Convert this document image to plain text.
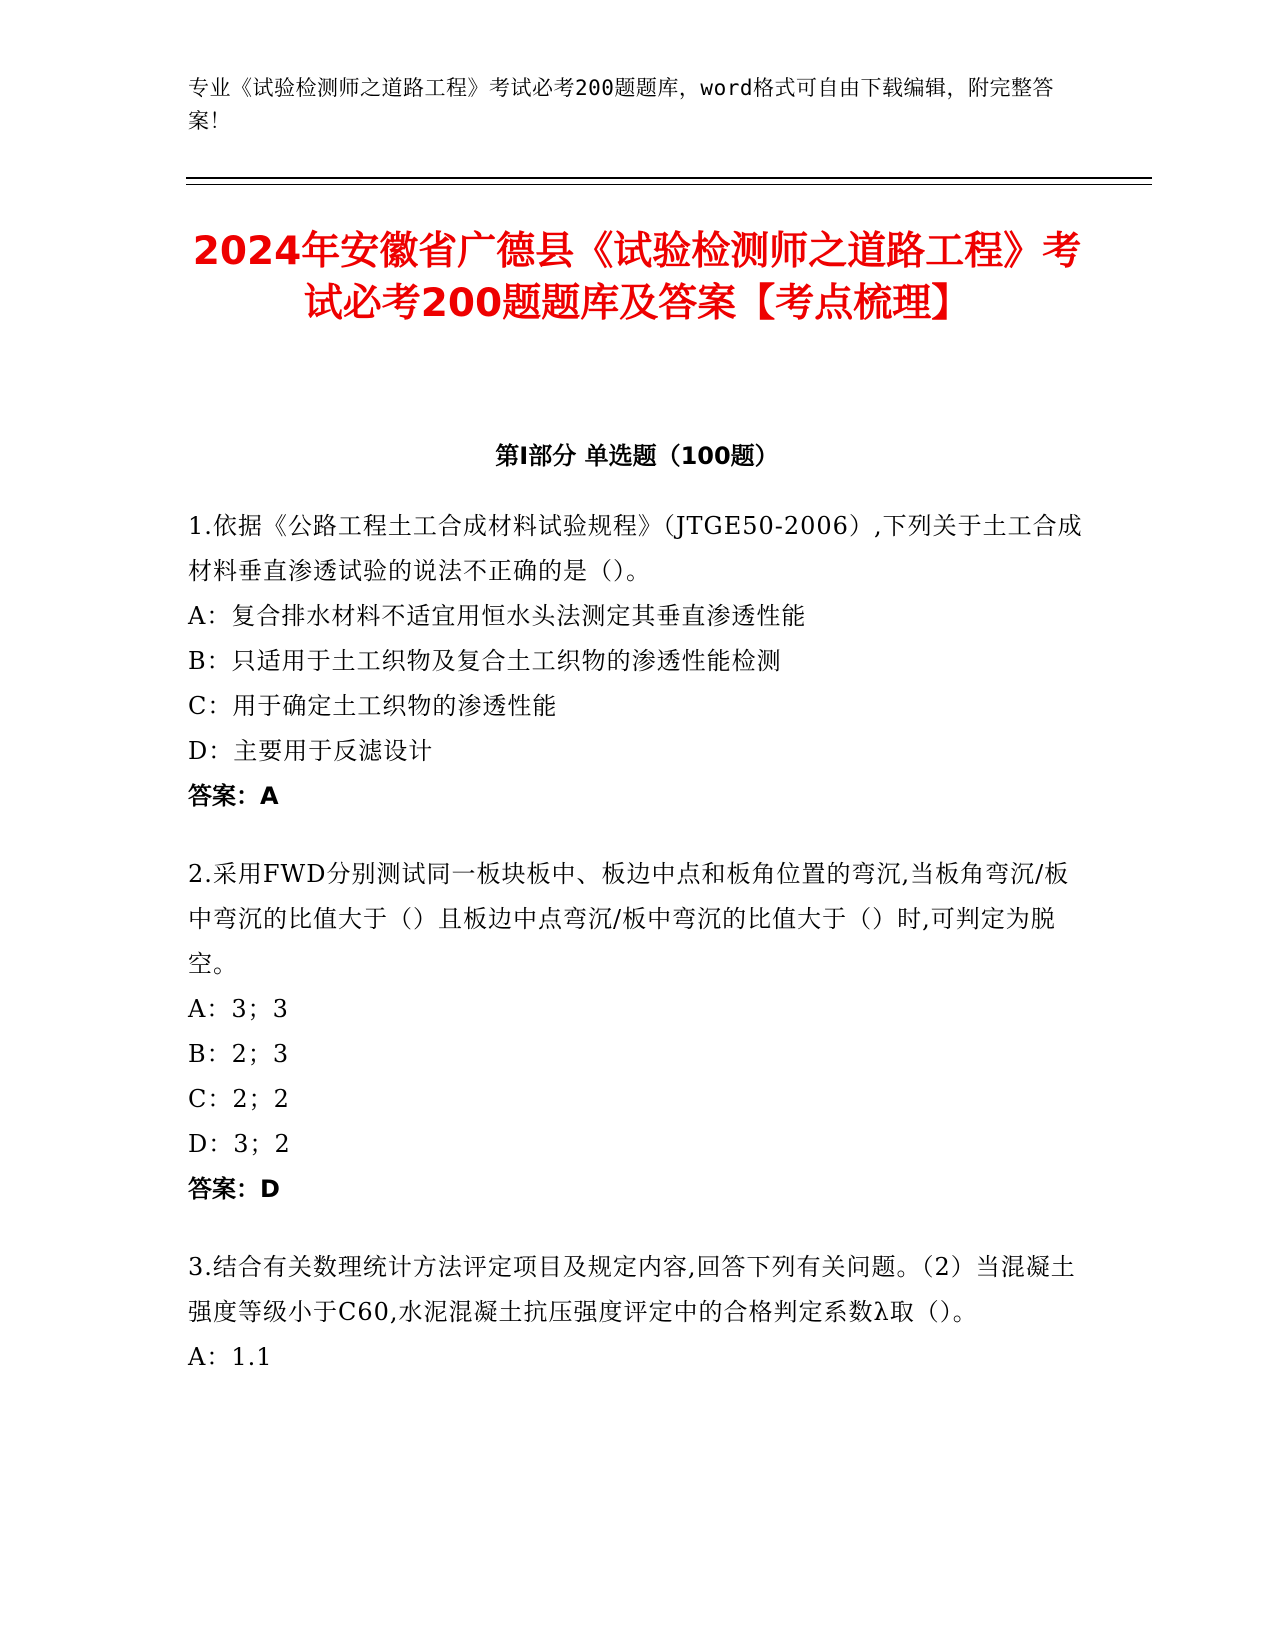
专业《试验检测师之道路工程》考试必考200题题库，word格式可自由下载编辑，附完整答案！
2024年安徽省广德县《试验检测师之道路工程》考试必考200题题库及答案【考点梳理】
第Ⅰ部分 单选题（100题）
1.依据《公路工程土工合成材料试验规程》（JTGE50-2006）,下列关于土工合成材料垂直渗透试验的说法不正确的是（）。
A：复合排水材料不适宜用恒水头法测定其垂直渗透性能
B：只适用于土工织物及复合土工织物的渗透性能检测
C：用于确定土工织物的渗透性能
D：主要用于反滤设计
答案：A
2.采用FWD分别测试同一板块板中、板边中点和板角位置的弯沉,当板角弯沉/板中弯沉的比值大于（）且板边中点弯沉/板中弯沉的比值大于（）时,可判定为脱空。
A：3；3
B：2；3
C：2；2
D：3；2
答案：D
3.结合有关数理统计方法评定项目及规定内容,回答下列有关问题。（2）当混凝土强度等级小于C60,水泥混凝土抗压强度评定中的合格判定系数λ取（）。
A：1.1
